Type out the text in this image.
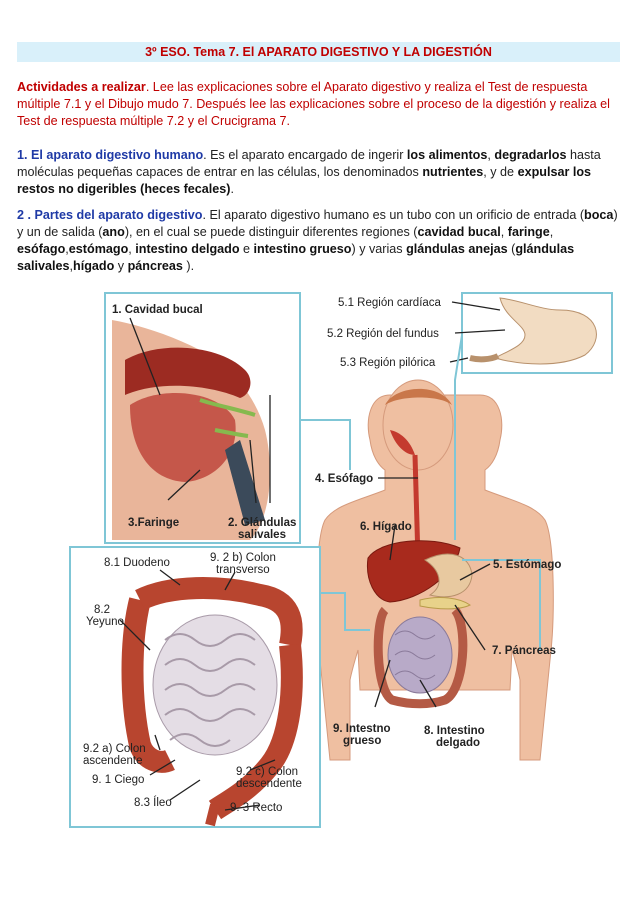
3º ESO. Tema 7. El APARATO DIGESTIVO Y LA DIGESTIÓN
Actividades a realizar. Lee las explicaciones sobre el Aparato digestivo y realiza el Test de respuesta múltiple 7.1 y el Dibujo mudo 7. Después lee las explicaciones sobre el proceso de la digestión y realiza el Test de respuesta múltiple 7.2 y el Crucigrama 7.
1. El aparato digestivo humano. Es el aparato encargado de ingerir los alimentos, degradarlos hasta moléculas pequeñas capaces de entrar en las células, los denominados nutrientes, y de expulsar los restos no digeribles (heces fecales).
2 . Partes del aparato digestivo. El aparato digestivo humano es un tubo con un orificio de entrada (boca) y un de salida (ano), en el cual se puede distinguir diferentes regiones (cavidad bucal, faringe, esófago,estómago, intestino delgado e intestino grueso) y varias glándulas anejas (glándulas salivales,hígado y páncreas ).
1. Cavidad bucal
3.Faringe	2. Glándulas
salivales
5.1 Región cardíaca
5.2 Región del fundus
5.3 Región pilórica
4. Esófago
6. Hígado
5. Estómago
7. Páncreas
9. Intestno
grueso
8. Intestino
delgado
8.1 Duodeno	9. 2 b) Colon
transverso
8.2
Yeyuno
9.2 a) Colon
ascendente
9. 1 Ciego
8.3 Íleo
9.2 c) Colon
descendente
9. 3 Recto
